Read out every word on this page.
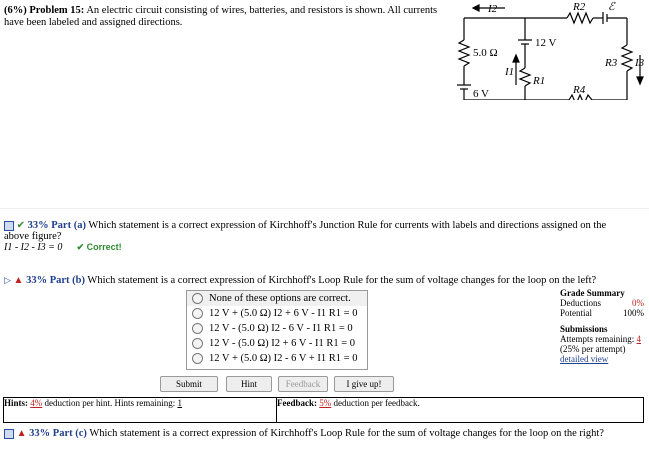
(6%) Problem 15: An electric circuit consisting of wires, batteries, and resistors is shown. All currents
have been labeled and assigned directions.
I2	R2 ℰ
12 V
5.0 Ω
I1
R1
R3 I3
R4
6 V
✔ 33% Part (a) Which statement is a correct expression of Kirchhoff's Junction Rule for currents with labels and directions assigned on the
above figure?
I1 - I2 - I3 = 0 ✔ Correct!
▷ ▲ 33% Part (b) Which statement is a correct expression of Kirchhoff's Loop Rule for the sum of voltage changes for the loop on the left?
None of these options are correct.
12 V + (5.0 Ω) I2 + 6 V - I1 R1 = 0
12 V - (5.0 Ω) I2 - 6 V - I1 R1 = 0
12 V - (5.0 Ω) I2 + 6 V - I1 R1 = 0
12 V + (5.0 Ω) I2 - 6 V + I1 R1 = 0
Grade Summary
Deductions	0%
Potential	100%
Submissions
Attempts remaining: 4
(25% per attempt)
detailed view
Submit	Hint	Feedback	I give up!
Hints: 4% deduction per hint. Hints remaining: 1	Feedback: 5% deduction per feedback.
▲ 33% Part (c) Which statement is a correct expression of Kirchhoff's Loop Rule for the sum of voltage changes for the loop on the right?
